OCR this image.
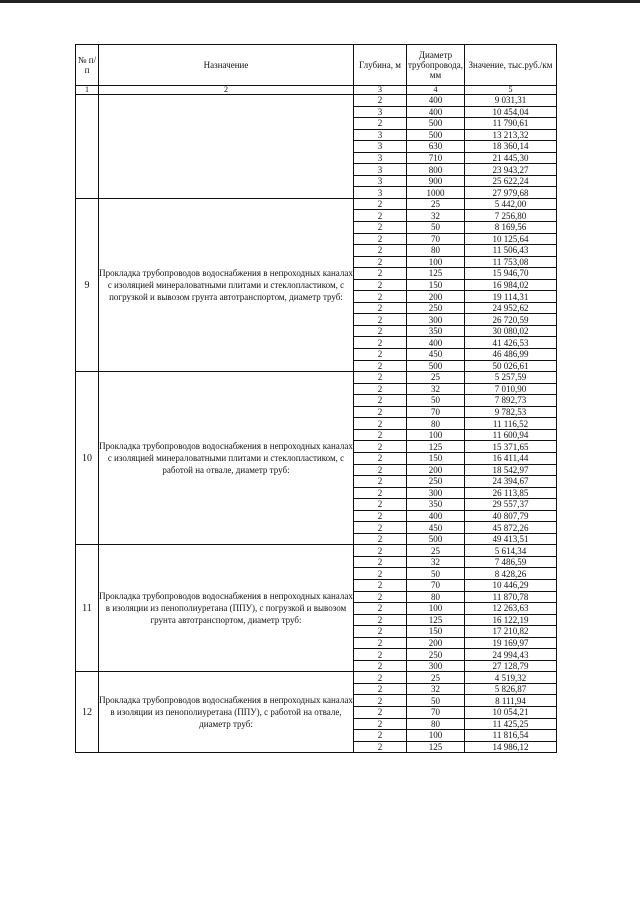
№ п/п	Назначение	Глубина, м	Диаметр трубопровода, мм	Значение, тыс.руб./км
1	2	3	4	5
		2	400	9 031,31
		3	400	10 454,04
		2	500	11 790,61
		3	500	13 213,32
		3	630	18 360,14
		3	710	21 445,30
		3	800	23 943,27
		3	900	25 622,24
		3	1000	27 979,68
9	Прокладка трубопроводов водоснабжения в непроходных каналах с изоляцией минераловатными плитами и стеклопластиком, с погрузкой и вывозом грунта автотранспортом, диаметр труб:	2	25	5 442,00
		2	32	7 256,80
		2	50	8 169,56
		2	70	10 125,64
		2	80	11 506,43
		2	100	11 753,08
		2	125	15 946,70
		2	150	16 984,02
		2	200	19 114,31
		2	250	24 952,62
		2	300	26 720,59
		2	350	30 080,02
		2	400	41 426,53
		2	450	46 486,99
		2	500	50 026,61
10	Прокладка трубопроводов водоснабжения в непроходных каналах с изоляцией минераловатными плитами и стеклопластиком, с работой на отвале, диаметр труб:	2	25	5 257,59
		2	32	7 010,90
		2	50	7 892,73
		2	70	9 782,53
		2	80	11 116,52
		2	100	11 600,94
		2	125	15 371,65
		2	150	16 411,44
		2	200	18 542,97
		2	250	24 394,67
		2	300	26 113,85
		2	350	29 557,37
		2	400	40 807,79
		2	450	45 872,26
		2	500	49 413,51
11	Прокладка трубопроводов водоснабжения в непроходных каналах в изоляции из пенополиуретана (ППУ), с погрузкой и вывозом грунта автотранспортом, диаметр труб:	2	25	5 614,34
		2	32	7 486,59
		2	50	8 428,26
		2	70	10 446,29
		2	80	11 870,78
		2	100	12 263,63
		2	125	16 122,19
		2	150	17 210,82
		2	200	19 169,97
		2	250	24 994,43
		2	300	27 128,79
12	Прокладка трубопроводов водоснабжения в непроходных каналах в изоляции из пенополиуретана (ППУ), с работой на отвале, диаметр труб:	2	25	4 519,32
		2	32	5 826,87
		2	50	8 111,94
		2	70	10 054,21
		2	80	11 425,25
		2	100	11 816,54
		2	125	14 986,12
